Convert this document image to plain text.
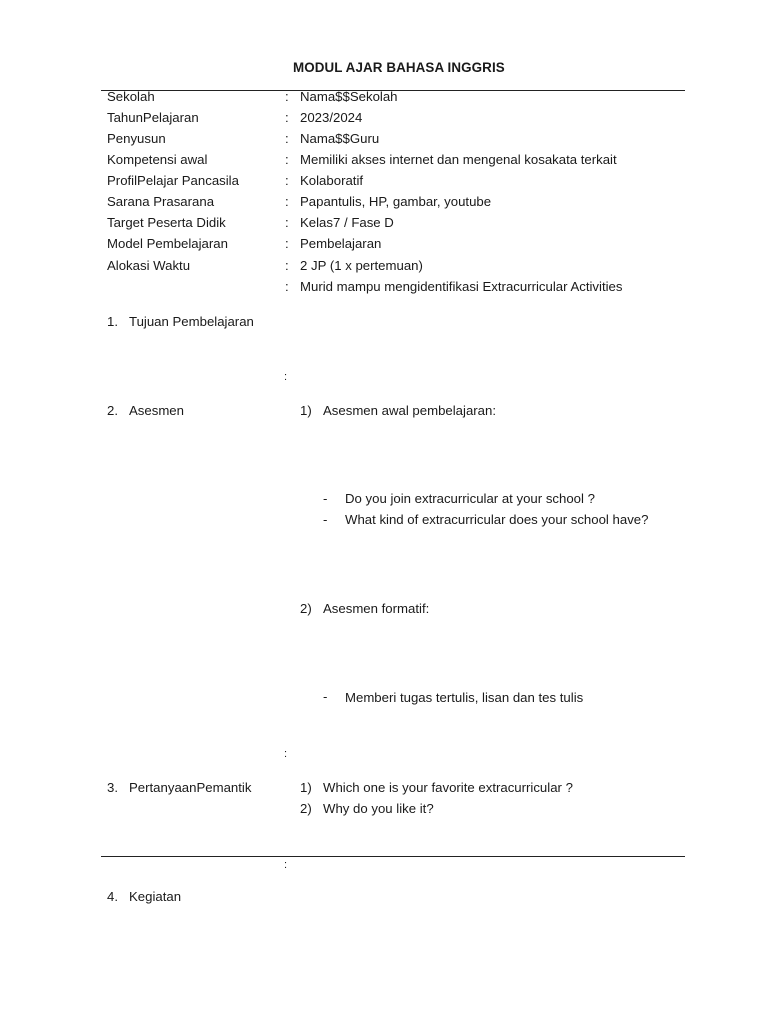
MODUL AJAR BAHASA INGGRIS
Sekolah	: Nama$$Sekolah
TahunPelajaran	: 2023/2024
Penyusun	: Nama$$Guru
Kompetensi awal	: Memiliki akses internet dan mengenal kosakata terkait
ProfilPelajar Pancasila	: Kolaboratif
Sarana Prasarana	: Papantulis, HP, gambar, youtube
Target Peserta Didik	: Kelas7 / Fase D
Model Pembelajaran	: Pembelajaran
Alokasi Waktu	: 2 JP (1 x pertemuan)
: Murid mampu mengidentifikasi Extracurricular Activities
1. Tujuan Pembelajaran
:
2. Asesmen	1) Asesmen awal pembelajaran:
- Do you join extracurricular at your school ?
- What kind of extracurricular does your school have?
2) Asesmen formatif:
- Memberi tugas tertulis, lisan dan tes tulis
:
3. PertanyaanPemantik	1) Which one is your favorite extracurricular ?
2) Why do you like it?
:
4. Kegiatan
